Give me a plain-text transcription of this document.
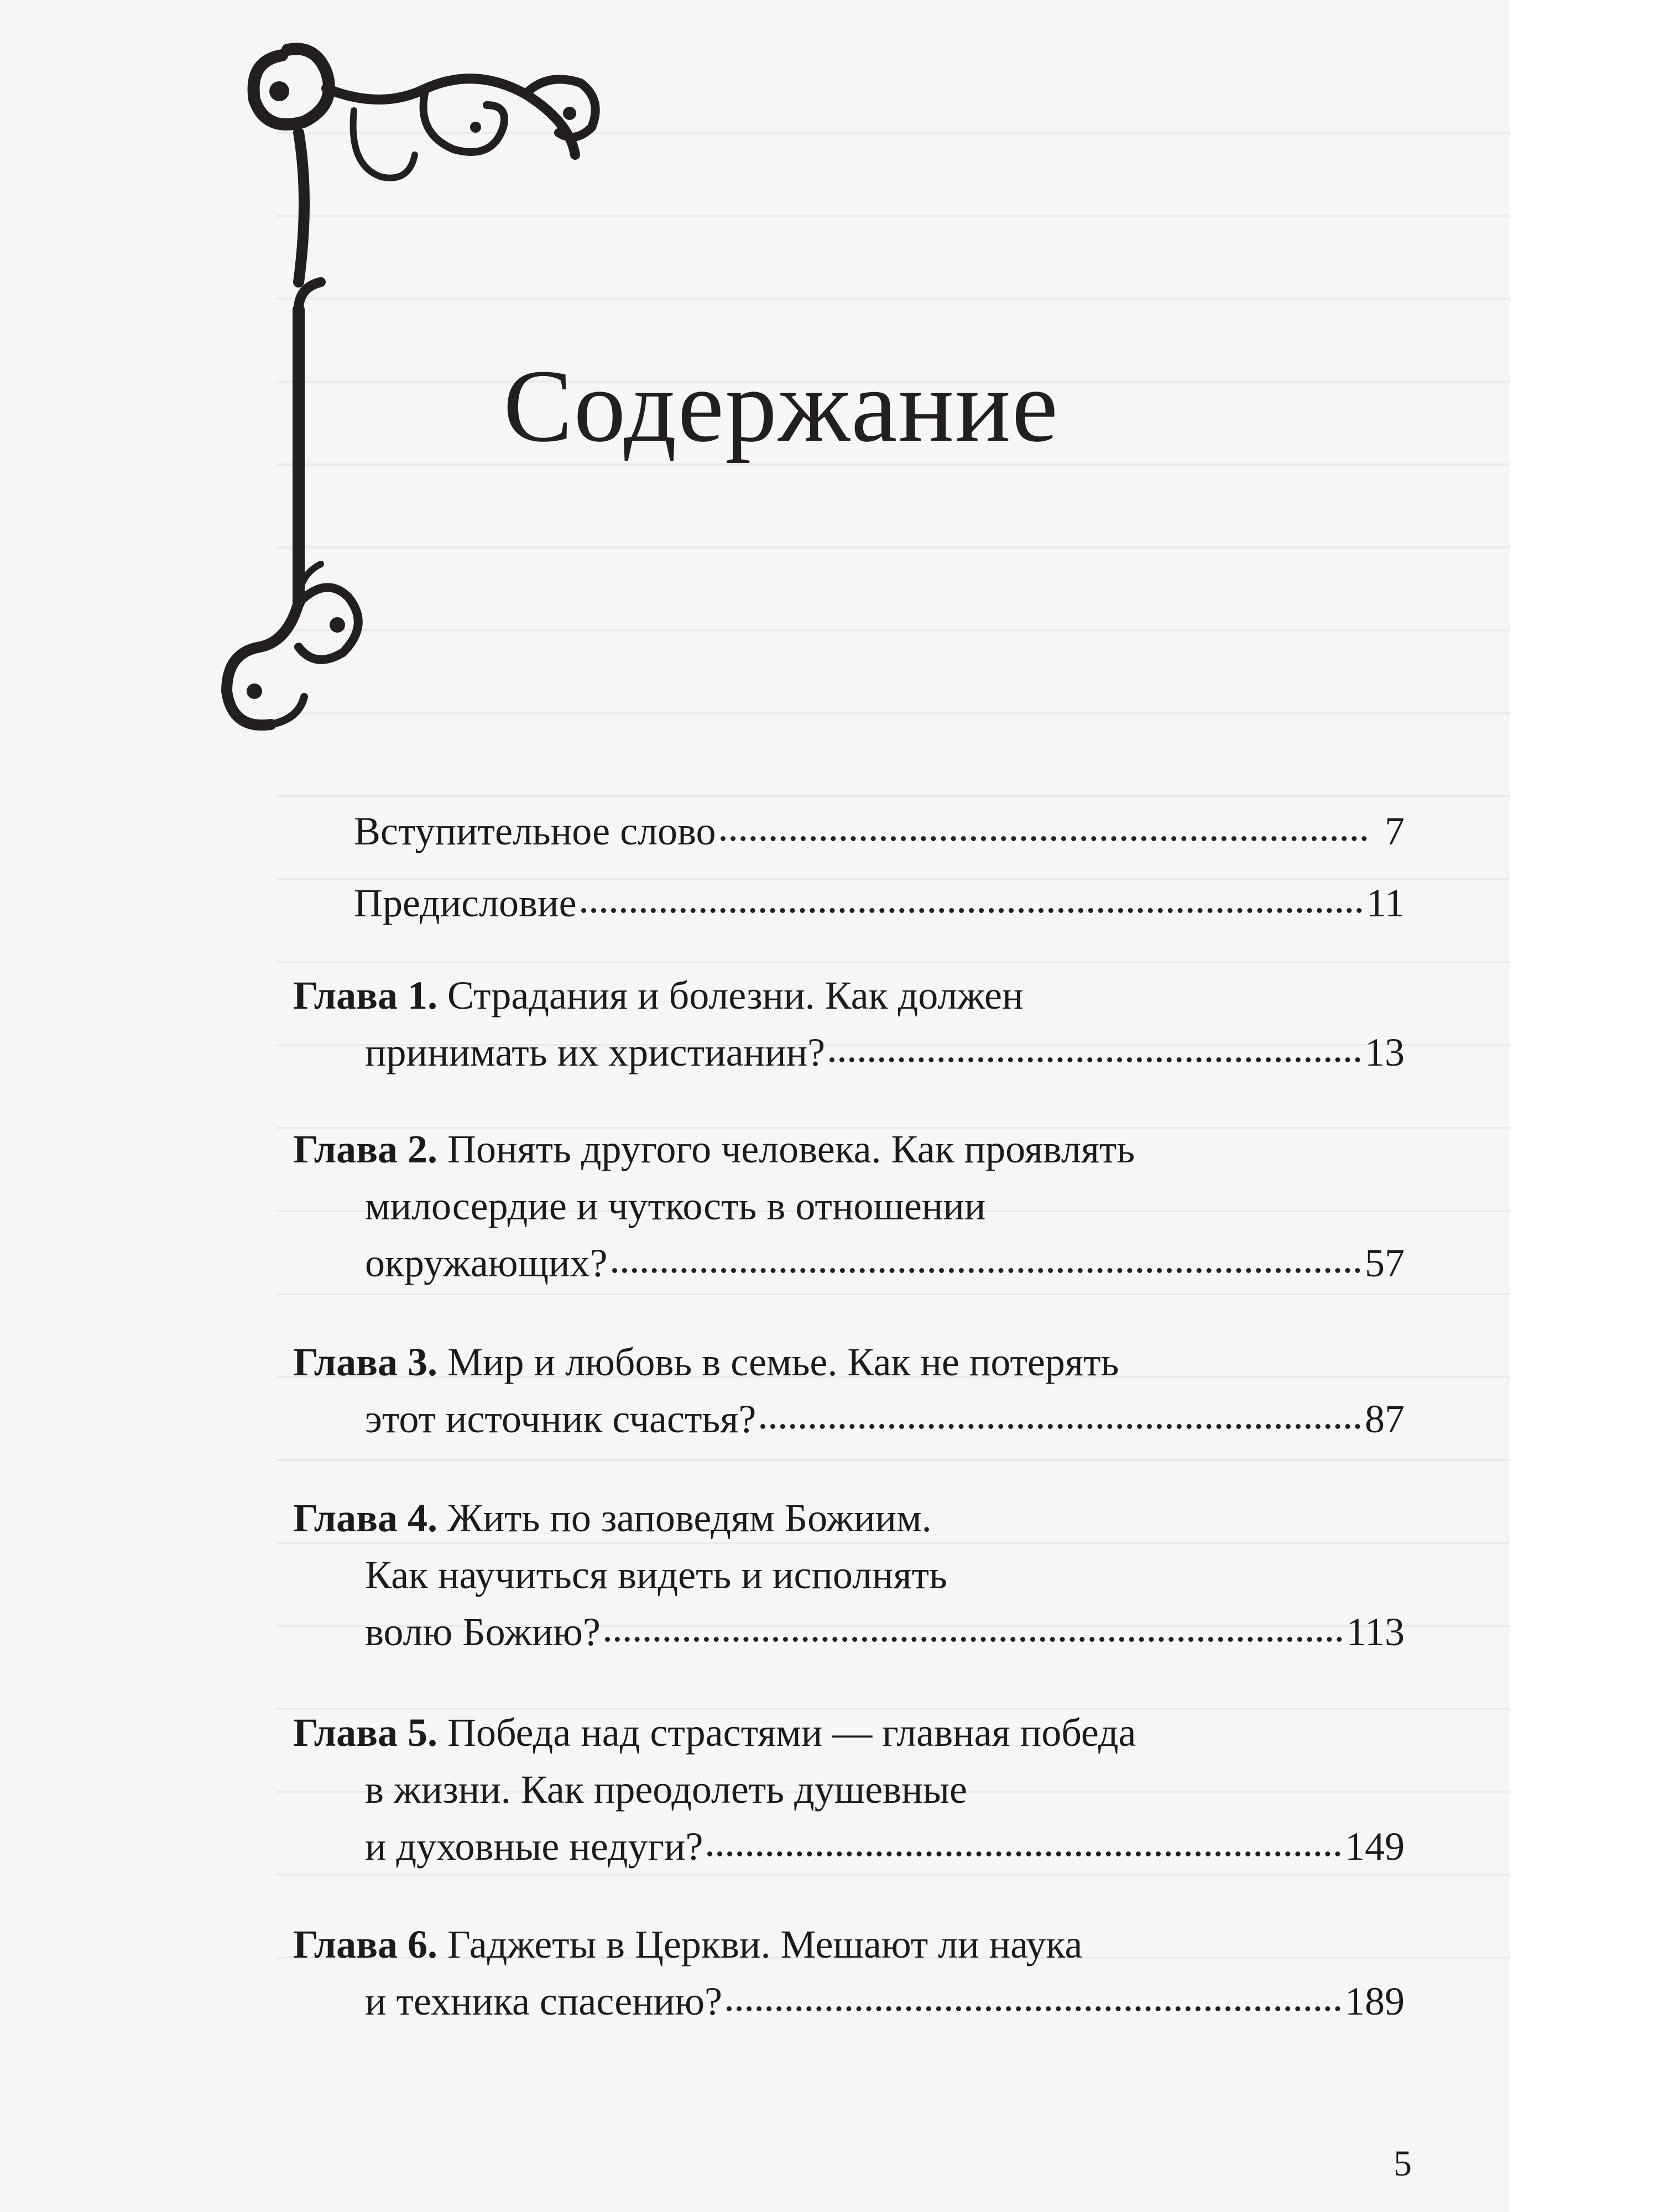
Содержание
Вступительное слово	7
Предисловие	11
Глава 1. Страдания и болезни. Как должен
принимать их христианин?	13
Глава 2. Понять другого человека. Как проявлять
милосердие и чуткость в отношении
окружающих?	57
Глава 3. Мир и любовь в семье. Как не потерять
этот источник счастья?	87
Глава 4. Жить по заповедям Божиим.
Как научиться видеть и исполнять
волю Божию?	113
Глава 5. Победа над страстями — главная победа
в жизни. Как преодолеть душевные
и духовные недуги?	149
Глава 6. Гаджеты в Церкви. Мешают ли наука
и техника спасению?	189
5
